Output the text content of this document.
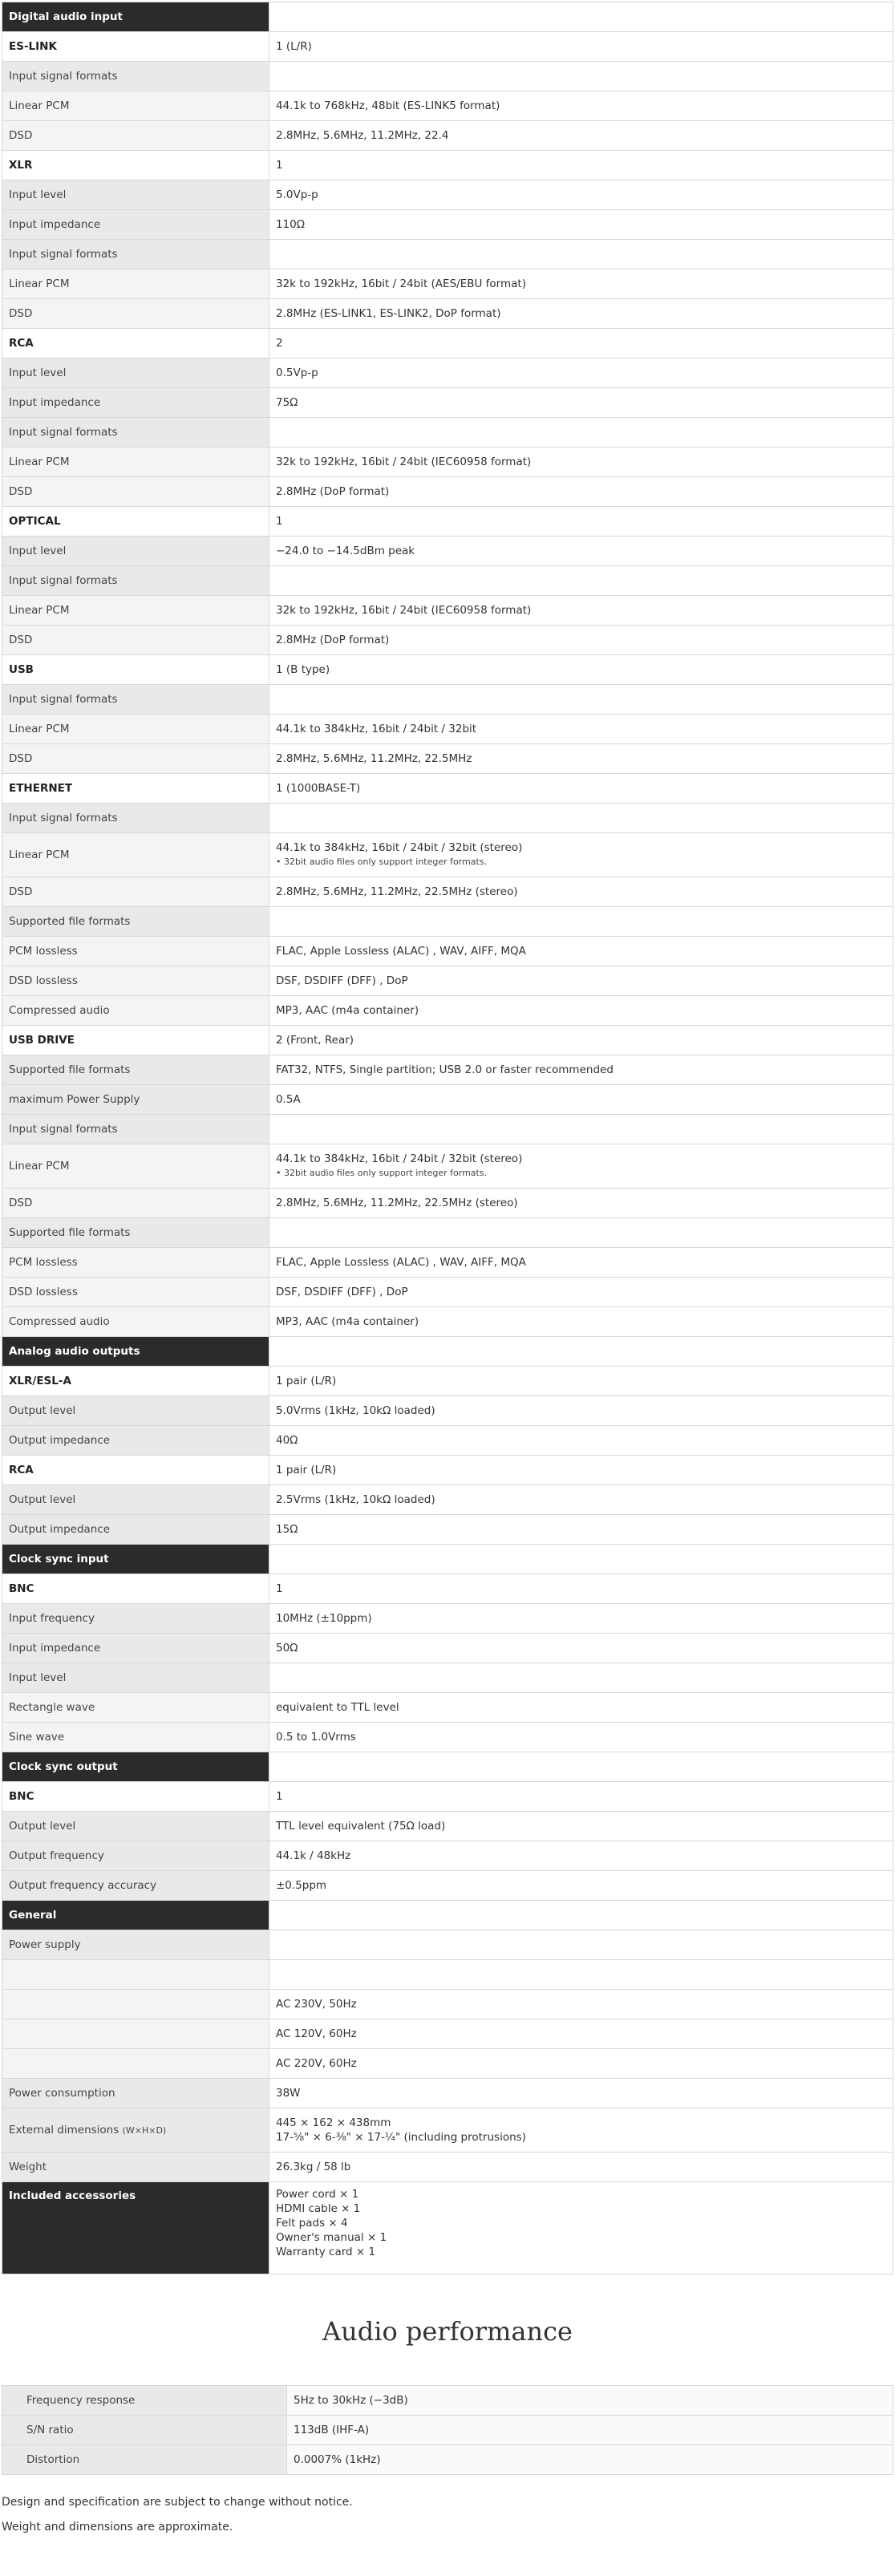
Digital audio input	
ES-LINK	1 (L/R)

Input signal formats	
Linear PCM	44.1k to 768kHz, 48bit (ES-LINK5 format)

DSD	2.8MHz, 5.6MHz, 11.2MHz, 22.4

XLR	1

Input level	5.0Vp-p

Input impedance	110Ω

Input signal formats	
Linear PCM	32k to 192kHz, 16bit / 24bit (AES/EBU format)

DSD	2.8MHz (ES-LINK1, ES-LINK2, DoP format)

RCA	2

Input level	0.5Vp-p

Input impedance	75Ω

Input signal formats	
Linear PCM	32k to 192kHz, 16bit / 24bit (IEC60958 format)

DSD	2.8MHz (DoP format)

OPTICAL	1

Input level	−24.0 to −14.5dBm peak

Input signal formats	
Linear PCM	32k to 192kHz, 16bit / 24bit (IEC60958 format)

DSD	2.8MHz (DoP format)

USB	1 (B type)

Input signal formats	
Linear PCM	44.1k to 384kHz, 16bit / 24bit / 32bit

DSD	2.8MHz, 5.6MHz, 11.2MHz, 22.5MHz

ETHERNET	1 (1000BASE-T)

Input signal formats	
Linear PCM	44.1k to 384kHz, 16bit / 24bit / 32bit (stereo)
• 32bit audio files only support integer formats.

DSD	2.8MHz, 5.6MHz, 11.2MHz, 22.5MHz (stereo)

Supported file formats	
PCM lossless	FLAC, Apple Lossless (ALAC) , WAV, AIFF, MQA

DSD lossless	DSF, DSDIFF (DFF) , DoP

Compressed audio	MP3, AAC (m4a container)

USB DRIVE	2 (Front, Rear)

Supported file formats	FAT32, NTFS, Single partition; USB 2.0 or faster recommended

maximum Power Supply	0.5A

Input signal formats	
Linear PCM	44.1k to 384kHz, 16bit / 24bit / 32bit (stereo)
• 32bit audio files only support integer formats.

DSD	2.8MHz, 5.6MHz, 11.2MHz, 22.5MHz (stereo)

Supported file formats	
PCM lossless	FLAC, Apple Lossless (ALAC) , WAV, AIFF, MQA

DSD lossless	DSF, DSDIFF (DFF) , DoP

Compressed audio	MP3, AAC (m4a container)

Analog audio outputs	
XLR/ESL-A	1 pair (L/R)

Output level	5.0Vrms (1kHz, 10kΩ loaded)

Output impedance	40Ω

RCA	1 pair (L/R)

Output level	2.5Vrms (1kHz, 10kΩ loaded)

Output impedance	15Ω

Clock sync input	
BNC	1

Input frequency	10MHz (±10ppm)

Input impedance	50Ω

Input level	
Rectangle wave	equivalent to TTL level

Sine wave	0.5 to 1.0Vrms

Clock sync output	
BNC	1

Output level	TTL level equivalent (75Ω load)

Output frequency	44.1k / 48kHz

Output frequency accuracy	±0.5ppm

General	
Power supply	

	AC 230V, 50Hz

	AC 120V, 60Hz

	AC 220V, 60Hz

Power consumption	38W

External dimensions (W×H×D)	445 × 162 × 438mm
17-⅝" × 6-⅜" × 17-¼" (including protrusions)

Weight	26.3kg / 58 lb

Included accessories	Power cord × 1
HDMI cable × 1
Felt pads × 4
Owner's manual × 1
Warranty card × 1
Audio performance
Frequency response	5Hz to 30kHz (−3dB)
S/N ratio	113dB (IHF-A)
Distortion	0.0007% (1kHz)

Design and specification are subject to change without notice.

Weight and dimensions are approximate.
